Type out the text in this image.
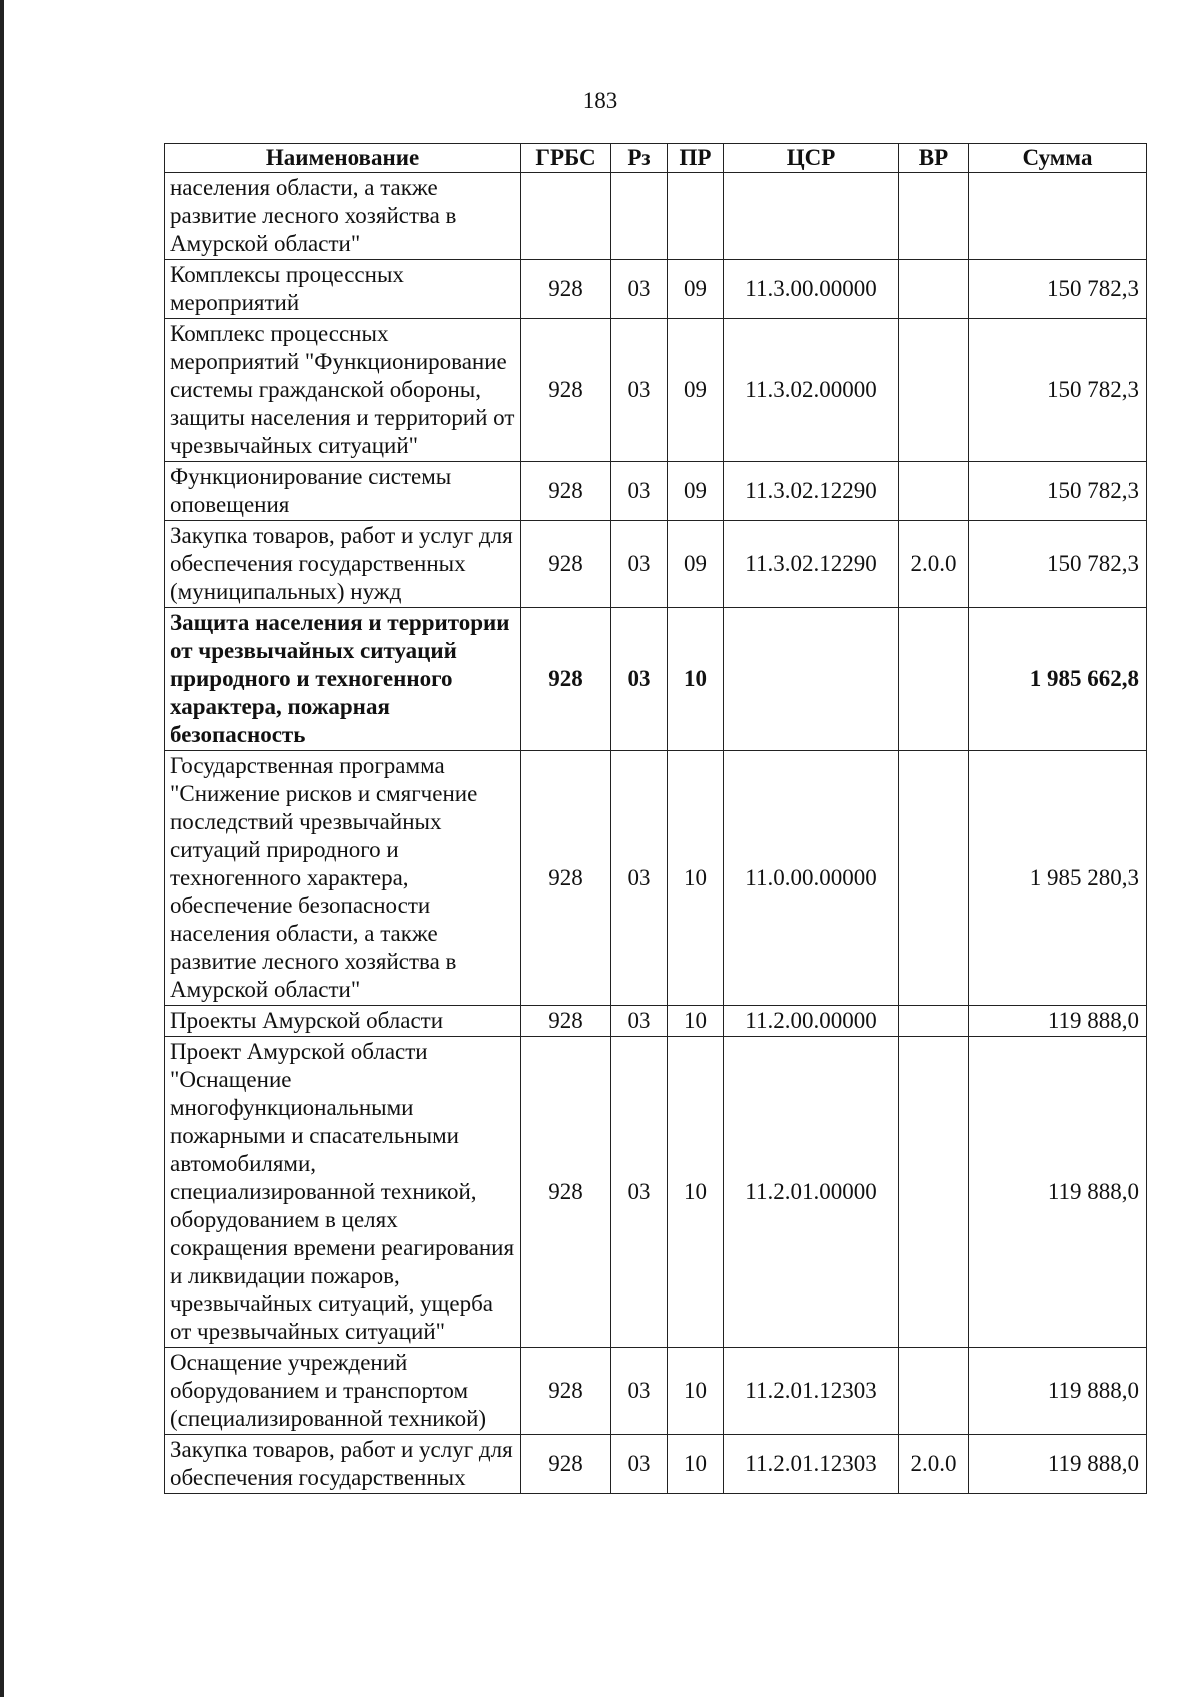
183
Наименование	ГРБС	Рз	ПР	ЦСР	ВР	Сумма
населения области, а также развитие лесного хозяйства в Амурской области"						
Комплексы процессных мероприятий	928	03	09	11.3.00.00000		150 782,3
Комплекс процессных мероприятий "Функционирование системы гражданской обороны, защиты населения и территорий от чрезвычайных ситуаций"	928	03	09	11.3.02.00000		150 782,3
Функционирование системы оповещения	928	03	09	11.3.02.12290		150 782,3
Закупка товаров, работ и услуг для обеспечения государственных (муниципальных) нужд	928	03	09	11.3.02.12290	2.0.0	150 782,3
Защита населения и территории от чрезвычайных ситуаций природного и техногенного характера, пожарная безопасность	928	03	10			1 985 662,8
Государственная программа "Снижение рисков и смягчение последствий чрезвычайных ситуаций природного и техногенного характера, обеспечение безопасности населения области, а также развитие лесного хозяйства в Амурской области"	928	03	10	11.0.00.00000		1 985 280,3
Проекты Амурской области	928	03	10	11.2.00.00000		119 888,0
Проект Амурской области "Оснащение многофункциональными пожарными и спасательными автомобилями, специализированной техникой, оборудованием в целях сокращения времени реагирования и ликвидации пожаров, чрезвычайных ситуаций, ущерба от чрезвычайных ситуаций"	928	03	10	11.2.01.00000		119 888,0
Оснащение учреждений оборудованием и транспортом (специализированной техникой)	928	03	10	11.2.01.12303		119 888,0
Закупка товаров, работ и услуг для обеспечения государственных	928	03	10	11.2.01.12303	2.0.0	119 888,0
